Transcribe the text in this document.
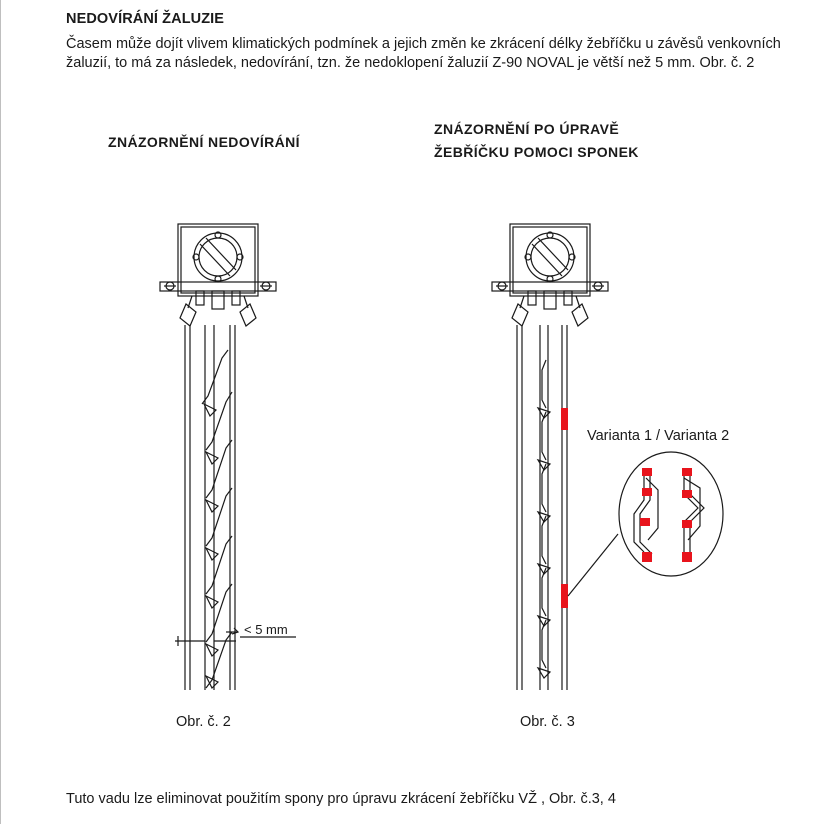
NEDOVÍRÁNÍ ŽALUZIE
Časem může dojít vlivem klimatických podmínek a jejich změn ke zkrácení délky žebříčku u závěsů venkovních žaluzií, to má za následek, nedovírání, tzn. že nedoklopení žaluzií Z-90 NOVAL je větší než 5 mm. Obr. č. 2
ZNÁZORNĚNÍ NEDOVÍRÁNÍ
ZNÁZORNĚNÍ PO ÚPRAVĚ
ŽEBŘÍČKU POMOCI SPONEK
< 5 mm
Varianta 1 / Varianta 2
Obr. č. 2	Obr. č. 3
Tuto vadu lze eliminovat použitím spony pro úpravu zkrácení žebříčku VŽ , Obr. č.3, 4
